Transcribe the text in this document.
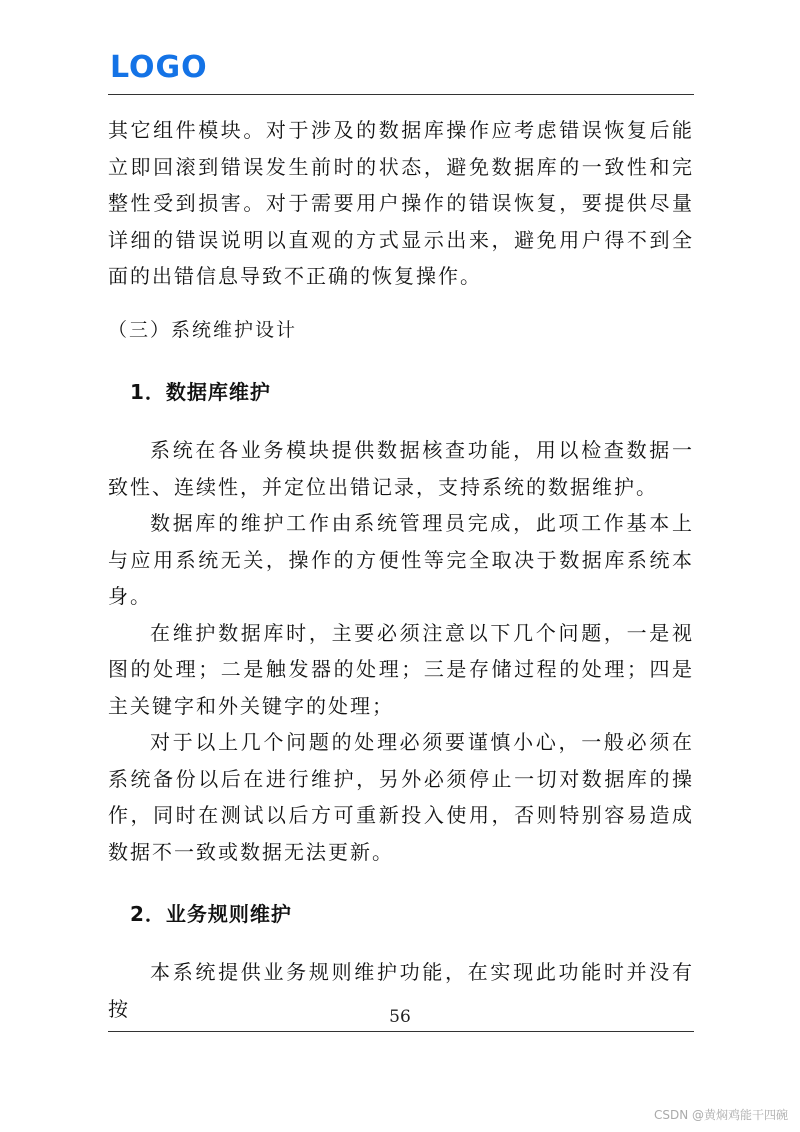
LOGO

其它组件模块。对于涉及的数据库操作应考虑错误恢复后能立即回滚到错误发生前时的状态，避免数据库的一致性和完整性受到损害。对于需要用户操作的错误恢复，要提供尽量详细的错误说明以直观的方式显示出来，避免用户得不到全面的出错信息导致不正确的恢复操作。

（三）系统维护设计

1．数据库维护

系统在各业务模块提供数据核查功能，用以检查数据一致性、连续性，并定位出错记录，支持系统的数据维护。

数据库的维护工作由系统管理员完成，此项工作基本上与应用系统无关，操作的方便性等完全取决于数据库系统本身。

在维护数据库时，主要必须注意以下几个问题，一是视图的处理；二是触发器的处理；三是存储过程的处理；四是主关键字和外关键字的处理；

对于以上几个问题的处理必须要谨慎小心，一般必须在系统备份以后在进行维护，另外必须停止一切对数据库的操作，同时在测试以后方可重新投入使用，否则特别容易造成数据不一致或数据无法更新。

2．业务规则维护

本系统提供业务规则维护功能，在实现此功能时并没有按	56
CSDN @黄焖鸡能干四碗
